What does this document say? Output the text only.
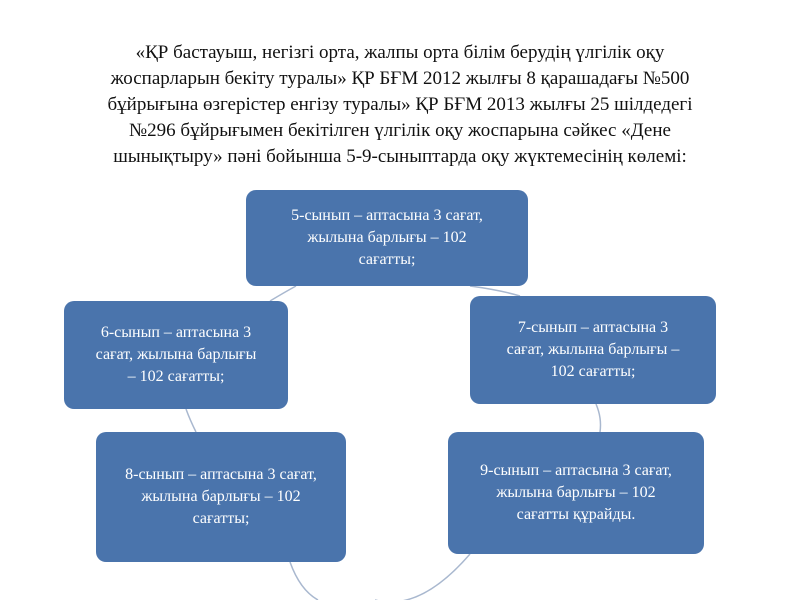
«ҚР бастауыш, негізгі орта, жалпы орта білім берудің үлгілік оқу
жоспарларын бекіту туралы» ҚР БҒМ 2012 жылғы 8 қарашадағы №500
бұйрығына өзгерістер енгізу туралы» ҚР БҒМ 2013 жылғы 25 шілдедегі
№296 бұйрығымен бекітілген үлгілік оқу жоспарына сәйкес «Дене
шынықтыру» пәні бойынша 5-9-сыныптарда оқу жүктемесінің көлемі:
5-сынып – аптасына 3 сағат,
жылына барлығы – 102
сағатты;
6-сынып – аптасына 3
сағат, жылына барлығы
– 102 сағатты;
7-сынып – аптасына 3
сағат, жылына барлығы –
102 сағатты;
8-сынып – аптасына 3 сағат,
жылына барлығы – 102
сағатты;
9-сынып – аптасына 3 сағат,
жылына барлығы – 102
сағатты құрайды.
